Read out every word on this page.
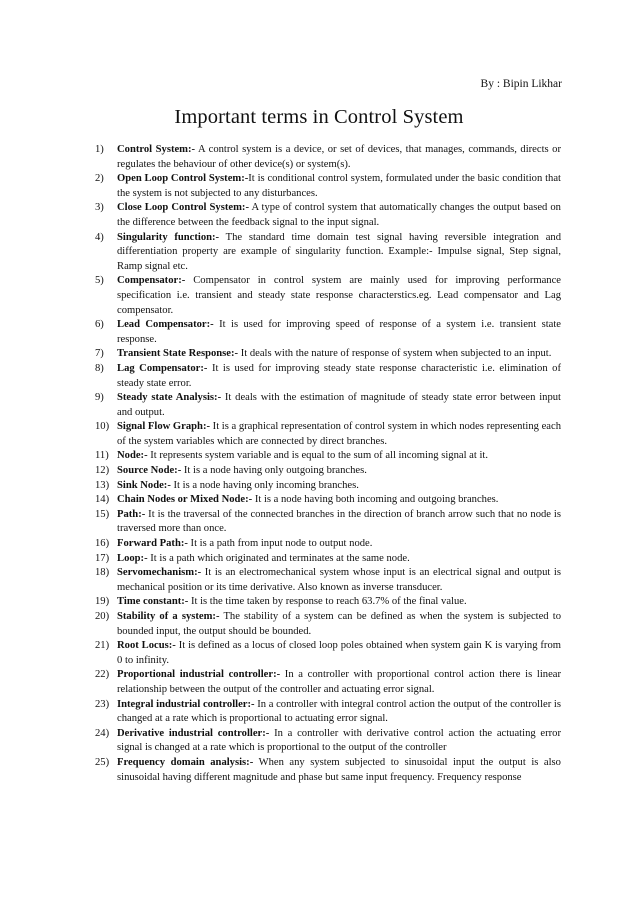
By : Bipin Likhar
Important terms in Control System
1) Control System:- A control system is a device, or set of devices, that manages, commands, directs or regulates the behaviour of other device(s) or system(s).
2) Open Loop Control System:-It is conditional control system, formulated under the basic condition that the system is not subjected to any disturbances.
3) Close Loop Control System:- A type of control system that automatically changes the output based on the difference between the feedback signal to the input signal.
4) Singularity function:- The standard time domain test signal having reversible integration and differentiation property are example of singularity function. Example:- Impulse signal, Step signal, Ramp signal etc.
5) Compensator:- Compensator in control system are mainly used for improving performance specification i.e. transient and steady state response characterstics.eg. Lead compensator and Lag compensator.
6) Lead Compensator:- It is used for improving speed of response of a system i.e. transient state response.
7) Transient State Response:- It deals with the nature of response of system when subjected to an input.
8) Lag Compensator:- It is used for improving steady state response characteristic i.e. elimination of steady state error.
9) Steady state Analysis:- It deals with the estimation of magnitude of steady state error between input and output.
10) Signal Flow Graph:- It is a graphical representation of control system in which nodes representing each of the system variables which are connected by direct branches.
11) Node:- It represents system variable and is equal to the sum of all incoming signal at it.
12) Source Node:- It is a node having only outgoing branches.
13) Sink Node:- It is a node having only incoming branches.
14) Chain Nodes or Mixed Node:- It is a node having both incoming and outgoing branches.
15) Path:- It is the traversal of the connected branches in the direction of branch arrow such that no node is traversed more than once.
16) Forward Path:- It is a path from input node to output node.
17) Loop:- It is a path which originated and terminates at the same node.
18) Servomechanism:- It is an electromechanical system whose input is an electrical signal and output is mechanical position or its time derivative. Also known as inverse transducer.
19) Time constant:- It is the time taken by response to reach 63.7% of the final value.
20) Stability of a system:- The stability of a system can be defined as when the system is subjected to bounded input, the output should be bounded.
21) Root Locus:- It is defined as a locus of closed loop poles obtained when system gain K is varying from 0 to infinity.
22) Proportional industrial controller:- In a controller with proportional control action there is linear relationship between the output of the controller and actuating error signal.
23) Integral industrial controller:- In a controller with integral control action the output of the controller is changed at a rate which is proportional to actuating error signal.
24) Derivative industrial controller:- In a controller with derivative control action the actuating error signal is changed at a rate which is proportional to the output of the controller
25) Frequency domain analysis:- When any system subjected to sinusoidal input the output is also sinusoidal having different magnitude and phase but same input frequency. Frequency response
